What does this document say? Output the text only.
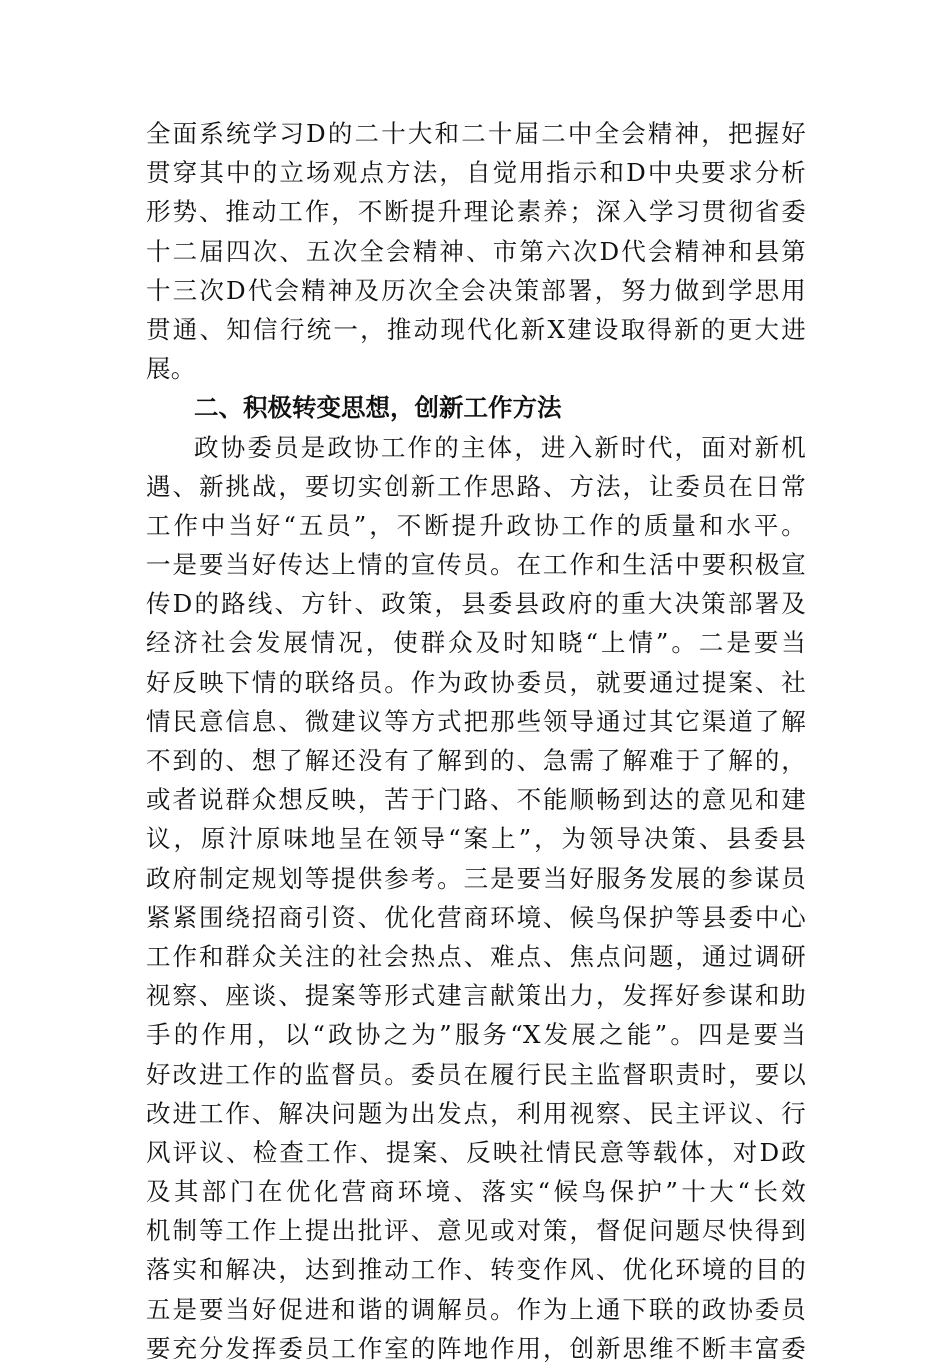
全面系统学习D的二十大和二十届二中全会精神，把握好
贯穿其中的立场观点方法，自觉用指示和D中央要求分析
形势、推动工作，不断提升理论素养；深入学习贯彻省委
十二届四次、五次全会精神、市第六次D代会精神和县第
十三次D代会精神及历次全会决策部署，努力做到学思用
贯通、知信行统一，推动现代化新X建设取得新的更大进
展。
二、积极转变思想，创新工作方法
政协委员是政协工作的主体，进入新时代，面对新机
遇、新挑战，要切实创新工作思路、方法，让委员在日常
工作中当好“五员”，不断提升政协工作的质量和水平。
一是要当好传达上情的宣传员。在工作和生活中要积极宣
传D的路线、方针、政策，县委县政府的重大决策部署及
经济社会发展情况，使群众及时知晓“上情”。二是要当
好反映下情的联络员。作为政协委员，就要通过提案、社
情民意信息、微建议等方式把那些领导通过其它渠道了解
不到的、想了解还没有了解到的、急需了解难于了解的，
或者说群众想反映，苦于门路、不能顺畅到达的意见和建
议，原汁原味地呈在领导“案上”，为领导决策、县委县
政府制定规划等提供参考。三是要当好服务发展的参谋员
紧紧围绕招商引资、优化营商环境、候鸟保护等县委中心
工作和群众关注的社会热点、难点、焦点问题，通过调研
视察、座谈、提案等形式建言献策出力，发挥好参谋和助
手的作用，以“政协之为”服务“X发展之能”。四是要当
好改进工作的监督员。委员在履行民主监督职责时，要以
改进工作、解决问题为出发点，利用视察、民主评议、行
风评议、检查工作、提案、反映社情民意等载体，对D政
及其部门在优化营商环境、落实“候鸟保护”十大“长效
机制等工作上提出批评、意见或对策，督促问题尽快得到
落实和解决，达到推动工作、转变作风、优化环境的目的
五是要当好促进和谐的调解员。作为上通下联的政协委员
要充分发挥委员工作室的阵地作用，创新思维不断丰富委
